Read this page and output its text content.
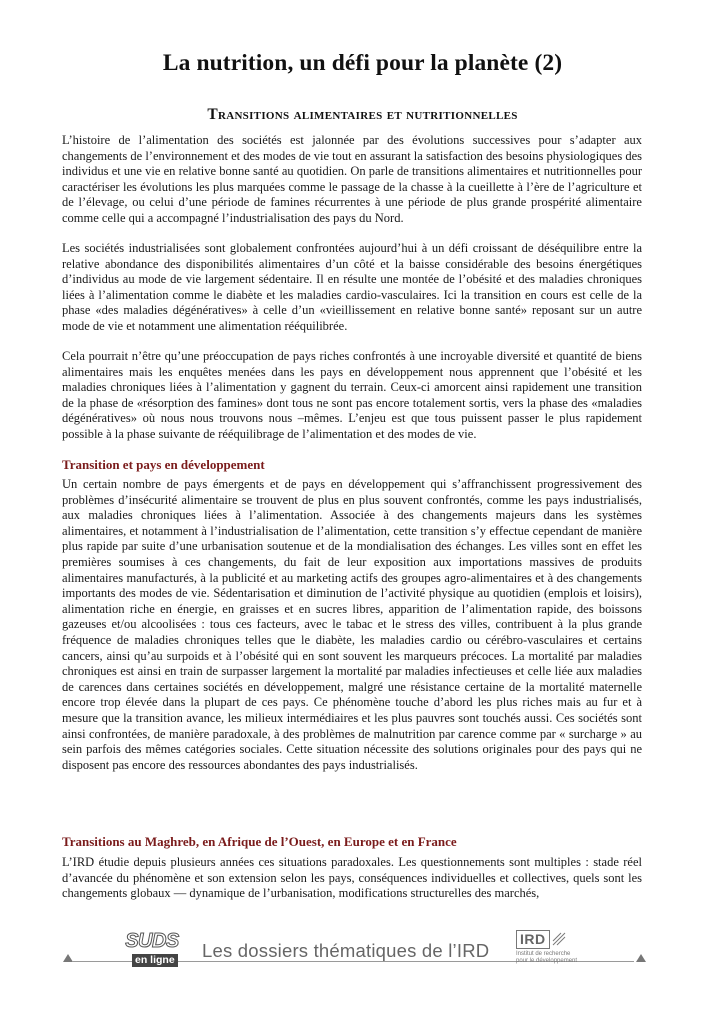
La nutrition, un défi pour la planète (2)
Transitions alimentaires et nutritionnelles

L’histoire de l’alimentation des sociétés est jalonnée par des évolutions successives pour s’adapter aux changements de l’environnement et des modes de vie tout en assurant la satisfaction des besoins physiologiques des individus et une vie en relative bonne santé au quotidien. On parle de transitions alimentaires et nutritionnelles pour caractériser les évolutions les plus marquées comme le passage de la chasse à la cueillette à l’ère de l’agriculture et de l’élevage, ou celui d’une période de famines récurrentes à une période de plus grande prospérité alimentaire comme celle qui a accompagné l’industrialisation des pays du Nord.

Les sociétés industrialisées sont globalement confrontées aujourd’hui à un défi croissant de déséquilibre entre la relative abondance des disponibilités alimentaires d’un côté et la baisse considérable des besoins énergétiques d’individus au mode de vie largement sédentaire. Il en résulte une montée de l’obésité et des maladies chroniques liées à l’alimentation comme le diabète et les maladies cardio-vasculaires. Ici la transition en cours est celle de la phase «des maladies dégénératives» à celle d’un «vieillissement en relative bonne santé» reposant sur un autre mode de vie et notamment une alimentation rééquilibrée.

Cela pourrait n’être qu’une préoccupation de pays riches confrontés à une incroyable diversité et quantité de biens alimentaires mais les enquêtes menées dans les pays en développement nous apprennent que l’obésité et les maladies chroniques liées à l’alimentation y gagnent du terrain. Ceux-ci amorcent ainsi rapidement une transition de la phase de «résorption des famines» dont tous ne sont pas encore totalement sortis, vers la phase des «maladies dégénératives» où nous nous trouvons nous –mêmes. L’enjeu est que tous puissent passer le plus rapidement possible à la phase suivante de rééquilibrage de l’alimentation et des modes de vie.

Transition et pays en développement

Un certain nombre de pays émergents et de pays en développement qui s’affranchissent progressivement des problèmes d’insécurité alimentaire se trouvent de plus en plus souvent confrontés, comme les pays industrialisés, aux maladies chroniques liées à l’alimentation. Associée à des changements majeurs dans les systèmes alimentaires, et notamment à l’industrialisation de l’alimentation, cette transition s’y effectue cependant de manière plus rapide par suite d’une urbanisation soutenue et de la mondialisation des échanges. Les villes sont en effet les premières soumises à ces changements, du fait de leur exposition aux importations massives de produits alimentaires manufacturés, à la publicité et au marketing actifs des groupes agro-alimentaires et à des changements importants des modes de vie. Sédentarisation et diminution de l’activité physique au quotidien (emplois et loisirs), alimentation riche en énergie, en graisses et en sucres libres, apparition de l’alimentation rapide, des boissons gazeuses et/ou alcoolisées : tous ces facteurs, avec le tabac et le stress des villes, contribuent à la plus grande fréquence de maladies chroniques telles que le diabète, les maladies cardio ou cérébro-vasculaires et certains cancers, ainsi qu’au surpoids et à l’obésité qui en sont souvent les marqueurs précoces. La mortalité par maladies chroniques est ainsi en train de surpasser largement la mortalité par maladies infectieuses et celle liée aux maladies de carences dans certaines sociétés en développement, malgré une résistance certaine de la mortalité maternelle encore trop élevée dans la plupart de ces pays. Ce phénomène touche d’abord les plus riches mais au fur et à mesure que la transition avance, les milieux intermédiaires et les plus pauvres sont touchés aussi. Ces sociétés sont ainsi confrontées, de manière paradoxale, à des problèmes de malnutrition par carence comme par « surcharge » au sein parfois des mêmes catégories sociales. Cette situation nécessite des solutions originales pour des pays qui ne disposent pas encore des ressources abondantes des pays industrialisés.

Transitions au Maghreb, en Afrique de l’Ouest, en Europe et en France

L’IRD étudie depuis plusieurs années ces situations paradoxales. Les questionnements sont multiples : stade réel d’avancée du phénomène et son extension selon les pays, conséquences individuelles et collectives, quels sont les changements globaux — dynamique de l’urbanisation, modifications structurelles des marchés,

SUDS
en ligne Les dossiers thématiques de l’IRD
IRD
Institut de recherche
pour le développement
